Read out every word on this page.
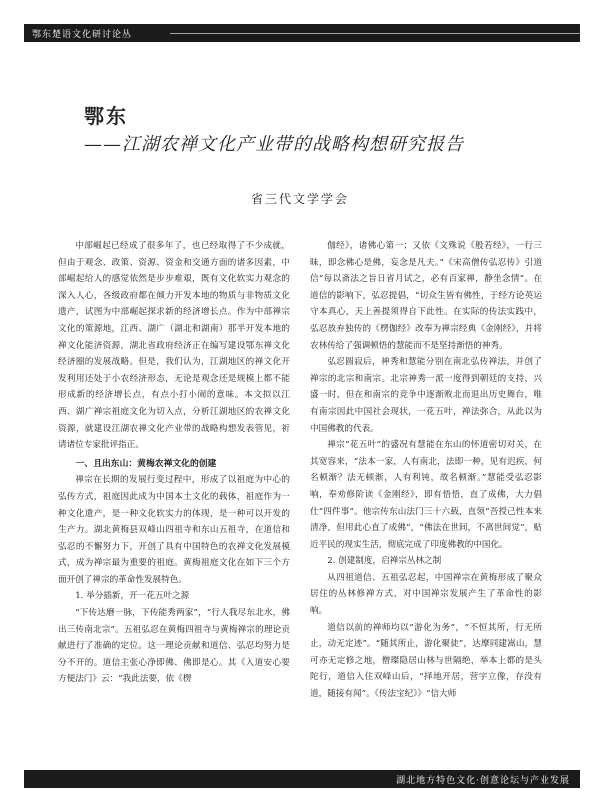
鄂东楚语文化研讨论丛
鄂东
——江湖农禅文化产业带的战略构想研究报告
省三代文学学会

中部崛起已经成了很多年了，也已经取得了不少成就，但由于观念、政策、资源、资金和交通方面的诸多因素，中部崛起给人的感觉依然是步步难艰，既有文化软实力观念的深入人心，各级政府都在倾力开发本地的物质与非物质文化遗产，试图为中部崛起探求新的经济增长点。作为中部禅宗文化的策源地，江西、湖广（湖北和湖南）那半开发本地的禅文化能济资源，湖北省政府经济正在编写建设鄂东禅文化经济圈的发展战略。但是，我们认为，江湖地区的禅文化开发利用还处于小农经济形态，无论是观念还是规模上都不能形成新的经济增长点，有点小打小闹的意味。本文拟以江西、湖广禅宗祖庭文化为切入点，分析江湖地区的农禅文化资源，就建设江湖农禅文化产业带的战略构想发表管见，祈请诸位专家批评指正。

一、且出东山：黄梅农禅文化的创建

禅宗在长期的发展行变过程中，形成了以祖庭为中心的弘传方式，祖庭因此成为中国本土文化的载体，祖庭作为一种文化遗产，是一种文化软实力的体现，是一种可以开发的生产力。湖北黄梅县双峰山四祖寺和东山五祖寺，在道信和弘忍的不懈努力下，开创了具有中国特色的农禅文化发展模式，成为禅宗最为重要的祖庭。黄梅祖庭文化在如下三个方面开创了禅宗的革命性发展特色。

1. 举分插新，开一花五叶之源

“下传达磨一脉，下传能秀两家”，“行人我尽东北水，佛出三传南北宗”。五祖弘忍在黄梅四祖寺与黄梅禅宗的理论贡献进行了准确的定位。这一理论贡献和道信、弘忍均努力是分不开的。道信主张心净即佛、佛即是心。其《入道安心要方便法门》云：“我此法要，依《楞

伽经》，诸佛心第一；又依《文殊说《般若经》，一行三昧，即念佛心是佛，妄念是凡夫。”《宋高僧传弘忍传》引道信“每以斋法之旨日省月试之，必有百家禅，静坐念情”。在道信的影响下，弘忍提倡，“切众生皆有佛性，于经方论英运守本真心，天上善提须得自下此性。在实际的传法实践中，弘忍放弃独传的《楞伽经》改奉为禅宗经典《金刚经》，并将农林传给了强调顿悟的慧能而不是坚持渐悟的神秀。

弘忍圆寂后，神秀和慧能分别在南北弘传禅法，并创了禅宗的北宗和南宗。北宗神秀一派一度得到朝廷的支持，兴盛一时，但在和南宗的竞争中逐渐败北而退出历史舞台，唯有南宗因此中国社会现状，一花五叶，禅法弥合，从此以为中国佛教的代表。

禅宗“花五叶”的盛况有慧能在东山的怀道密切对关，在其宽容来，“法本一家，人有南北，法即一种，见有迟疾，何名顿渐？法无顿渐，人有利钝，故名顿渐。”慧能受弘忍影响，奉劝修阶读《金刚经》，即有悟悟，直了成佛，大力倡仕“四件事”。他宗传东山法门三十六载，直领“吾授己性本来清净，但用此心直了成佛”，“佛法在世间，不离世间觉”，贴近平民的现实生活，彻底完成了印度佛教的中国化。

2. 创建制度，启禅宗丛林之制

从四祖道信、五祖弘忍起，中国禅宗在黄梅形成了聚众居住的丛林修禅方式，对中国禅宗发展产生了革命性的影响。

道信以前的禅师均以“游化为务”，“不恒其所，行无所止，动无定迹”。“随其所止，游化聚徒”，达摩同建嵩山，慧可亦无定修之地，僧璨隐居山林与世隔绝，举本上都的是头陀行，道信入住双峰山后，“择地开居，营宇立像，存没有道，随接有闻”。《传法宝纪》》“信大师

湖北地方特色文化·创意论坛与产业发展
